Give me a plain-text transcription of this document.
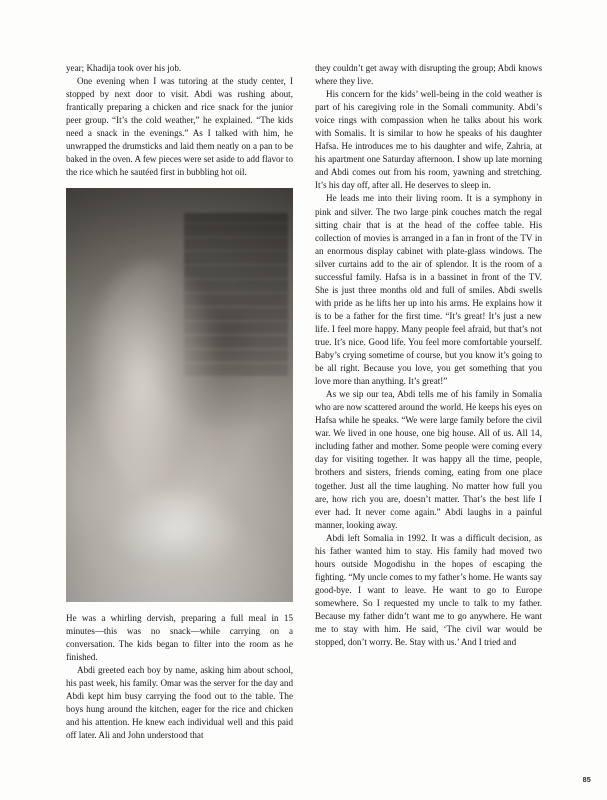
year; Khadija took over his job.

One evening when I was tutoring at the study center, I stopped by next door to visit. Abdi was rushing about, frantically preparing a chicken and rice snack for the junior peer group. “It’s the cold weather,” he explained. “The kids need a snack in the evenings.” As I talked with him, he unwrapped the drumsticks and laid them neatly on a pan to be baked in the oven. A few pieces were set aside to add flavor to the rice which he sautéed first in bubbling hot oil.

He was a whirling dervish, preparing a full meal in 15 minutes—this was no snack—while carrying on a conversation. The kids began to filter into the room as he finished.

Abdi greeted each boy by name, asking him about school, his past week, his family. Omar was the server for the day and Abdi kept him busy carrying the food out to the table. The boys hung around the kitchen, eager for the rice and chicken and his attention. He knew each individual well and this paid off later. Ali and John understood that

they couldn’t get away with disrupting the group; Abdi knows where they live.

His concern for the kids’ well-being in the cold weather is part of his caregiving role in the Somali community. Abdi’s voice rings with compassion when he talks about his work with Somalis. It is similar to how he speaks of his daughter Hafsa. He introduces me to his daughter and wife, Zahria, at his apartment one Saturday afternoon. I show up late morning and Abdi comes out from his room, yawning and stretching. It’s his day off, after all. He deserves to sleep in.

He leads me into their living room. It is a symphony in pink and silver. The two large pink couches match the regal sitting chair that is at the head of the coffee table. His collection of movies is arranged in a fan in front of the TV in an enormous display cabinet with plate-glass windows. The silver curtains add to the air of splendor. It is the room of a successful family. Hafsa is in a bassinet in front of the TV. She is just three months old and full of smiles. Abdi swells with pride as he lifts her up into his arms. He explains how it is to be a father for the first time. “It’s great! It’s just a new life. I feel more happy. Many people feel afraid, but that’s not true. It’s nice. Good life. You feel more comfortable yourself. Baby’s crying sometime of course, but you know it’s going to be all right. Because you love, you get something that you love more than anything. It’s great!”

As we sip our tea, Abdi tells me of his family in Somalia who are now scattered around the world. He keeps his eyes on Hafsa while he speaks. “We were large family before the civil war. We lived in one house, one big house. All of us. All 14, including father and mother. Some people were coming every day for visiting together. It was happy all the time, people, brothers and sisters, friends coming, eating from one place together. Just all the time laughing. No matter how full you are, how rich you are, doesn’t matter. That’s the best life I ever had. It never come again.” Abdi laughs in a painful manner, looking away.

Abdi left Somalia in 1992. It was a difficult decision, as his father wanted him to stay. His family had moved two hours outside Mogodishu in the hopes of escaping the fighting. “My uncle comes to my father’s home. He wants say good-bye. I want to leave. He want to go to Europe somewhere. So I requested my uncle to talk to my father. Because my father didn’t want me to go anywhere. He want me to stay with him. He said, ‘The civil war would be stopped, don’t worry. Be. Stay with us.’ And I tried and

85
